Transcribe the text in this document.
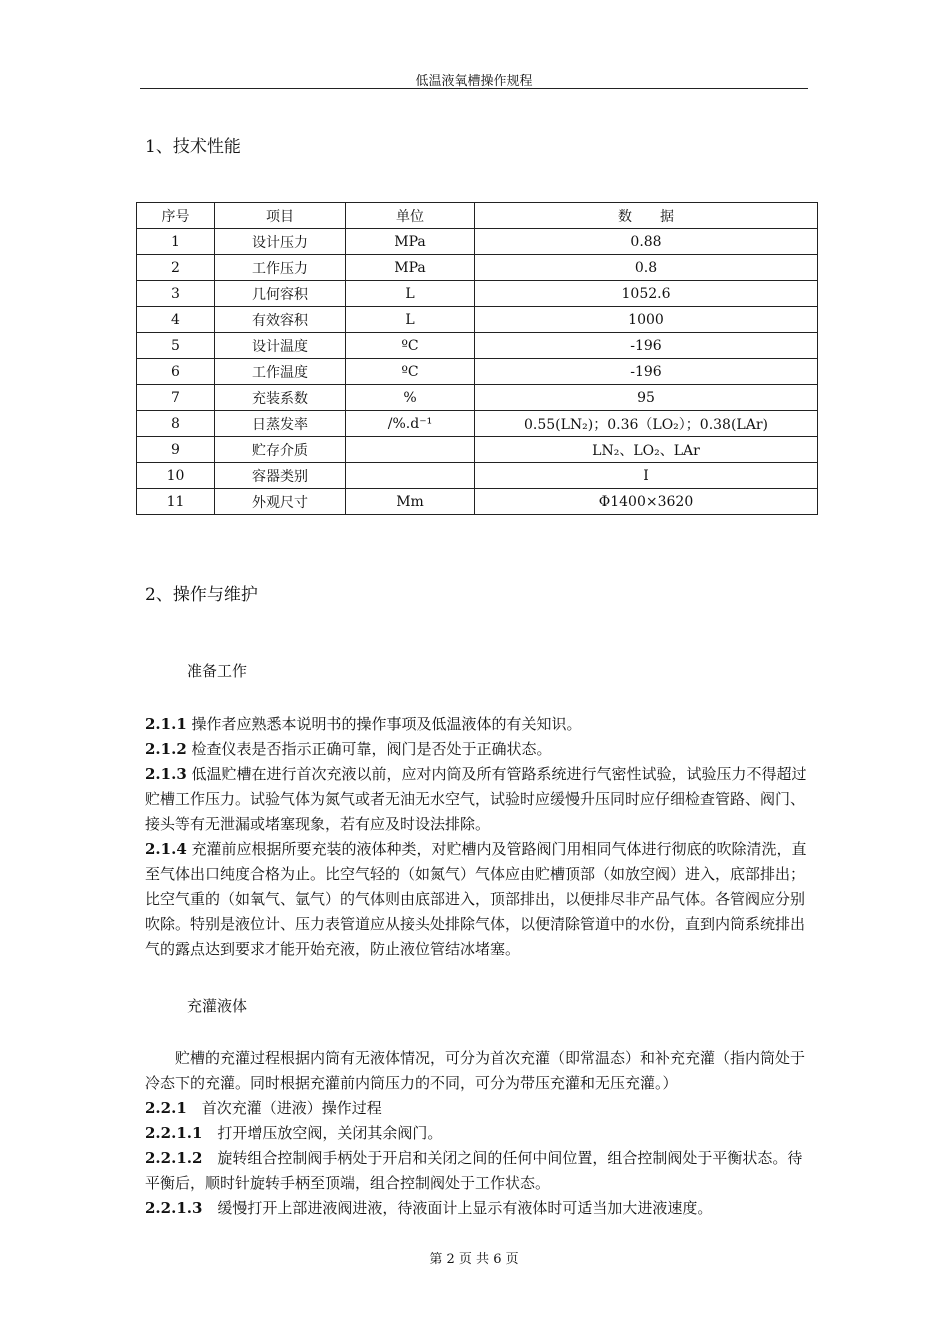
低温液氧槽操作规程
1、技术性能
序号	项目	单位	数　　据
1	设计压力	MPa	0.88
2	工作压力	MPa	0.8
3	几何容积	L	1052.6
4	有效容积	L	1000
5	设计温度	ºC	-196
6	工作温度	ºC	-196
7	充装系数	%	95
8	日蒸发率	/%.d⁻¹	0.55(LN₂)；0.36（LO₂）；0.38(LAr)
9	贮存介质		LN₂、LO₂、LAr
10	容器类别		I
11	外观尺寸	Mm	Φ1400×3620
2、操作与维护
准备工作

2.1.1 操作者应熟悉本说明书的操作事项及低温液体的有关知识。

2.1.2 检查仪表是否指示正确可靠，阀门是否处于正确状态。

2.1.3 低温贮槽在进行首次充液以前，应对内筒及所有管路系统进行气密性试验，试验压力不得超过贮槽工作压力。试验气体为氮气或者无油无水空气，试验时应缓慢升压同时应仔细检查管路、阀门、接头等有无泄漏或堵塞现象，若有应及时设法排除。

2.1.4 充灌前应根据所要充装的液体种类，对贮槽内及管路阀门用相同气体进行彻底的吹除清洗，直至气体出口纯度合格为止。比空气轻的（如氮气）气体应由贮槽顶部（如放空阀）进入，底部排出；比空气重的（如氧气、氩气）的气体则由底部进入，顶部排出，以便排尽非产品气体。各管阀应分别吹除。特别是液位计、压力表管道应从接头处排除气体，以便清除管道中的水份，直到内筒系统排出气的露点达到要求才能开始充液，防止液位管结冰堵塞。

充灌液体

　　贮槽的充灌过程根据内筒有无液体情况，可分为首次充灌（即常温态）和补充充灌（指内筒处于冷态下的充灌。同时根据充灌前内筒压力的不同，可分为带压充灌和无压充灌。）

2.2.1　首次充灌（进液）操作过程

2.2.1.1　打开增压放空阀，关闭其余阀门。

2.2.1.2　旋转组合控制阀手柄处于开启和关闭之间的任何中间位置，组合控制阀处于平衡状态。待平衡后，顺时针旋转手柄至顶端，组合控制阀处于工作状态。

2.2.1.3　缓慢打开上部进液阀进液，待液面计上显示有液体时可适当加大进液速度。

第 2 页 共 6 页
